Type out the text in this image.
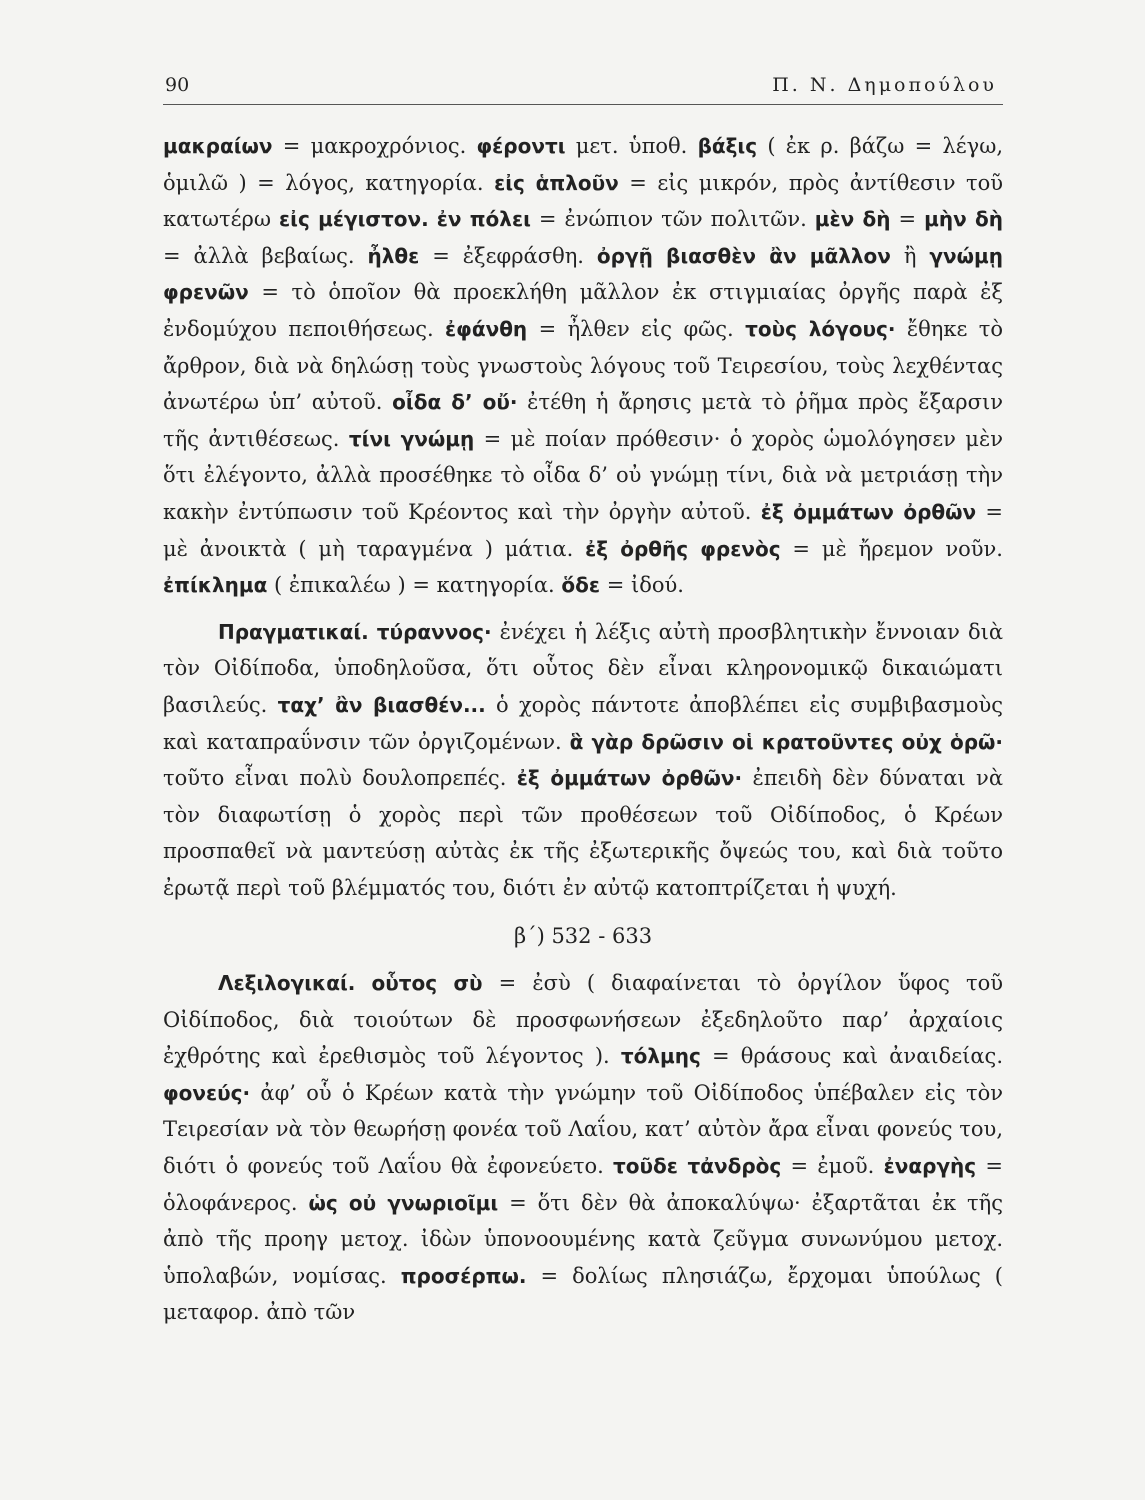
90	Π. Ν. Δημοπούλου

μακραίων = μακροχρόνιος. φέροντι μετ. ὑποθ. βάξις ( ἐκ ρ. βάζω = λέγω, ὁμιλῶ ) = λόγος, κατηγορία. εἰς ἁπλοῦν = εἰς μικρόν, πρὸς ἀντίθεσιν τοῦ κατωτέρω εἰς μέγιστον. ἐν πόλει = ἐνώπιον τῶν πολιτῶν. μὲν δὴ = μὴν δὴ = ἀλλὰ βεβαίως. ἦλθε = ἐξεφράσθη. ὀργῇ βιασθὲν ἂν μᾶλλον ἢ γνώμῃ φρενῶν = τὸ ὁποῖον θὰ προεκλήθη μᾶλλον ἐκ στιγμιαίας ὀργῆς παρὰ ἐξ ἐνδομύχου πεποιθήσεως. ἐφάνθη = ἦλθεν εἰς φῶς. τοὺς λόγους· ἔθηκε τὸ ἄρθρον, διὰ νὰ δηλώσῃ τοὺς γνωστοὺς λόγους τοῦ Τειρεσίου, τοὺς λεχθέντας ἀνωτέρω ὑπ’ αὐτοῦ. οἶδα δ’ οὔ· ἐτέθη ἡ ἄρησις μετὰ τὸ ῥῆμα πρὸς ἔξαρσιν τῆς ἀντιθέσεως. τίνι γνώμῃ = μὲ ποίαν πρόθεσιν· ὁ χορὸς ὡμολόγησεν μὲν ὅτι ἐλέγοντο, ἀλλὰ προσέθηκε τὸ οἶδα δ’ οὐ γνώμῃ τίνι, διὰ νὰ μετριάσῃ τὴν κακὴν ἐντύπωσιν τοῦ Κρέοντος καὶ τὴν ὀργὴν αὐτοῦ. ἐξ ὀμμάτων ὀρθῶν = μὲ ἀνοικτὰ ( μὴ ταραγμένα ) μάτια. ἐξ ὀρθῆς φρενὸς = μὲ ἤρεμον νοῦν. ἐπίκλημα ( ἐπικαλέω ) = κατηγορία. ὅδε = ἰδού.

Πραγματικαί. τύραννος· ἐνέχει ἡ λέξις αὐτὴ προσβλητικὴν ἔννοιαν διὰ τὸν Οἰδίποδα, ὑποδηλοῦσα, ὅτι οὗτος δὲν εἶναι κληρονομικῷ δικαιώματι βασιλεύς. ταχ’ ἂν βιασθέν... ὁ χορὸς πάντοτε ἀποβλέπει εἰς συμβιβασμοὺς καὶ καταπραΰνσιν τῶν ὀργιζομένων. ἃ γὰρ δρῶσιν οἱ κρατοῦντες οὐχ ὁρῶ· τοῦτο εἶναι πολὺ δουλοπρεπές. ἐξ ὀμμάτων ὀρθῶν· ἐπειδὴ δὲν δύναται νὰ τὸν διαφωτίσῃ ὁ χορὸς περὶ τῶν προθέσεων τοῦ Οἰδίποδος, ὁ Κρέων προσπαθεῖ νὰ μαντεύσῃ αὐτὰς ἐκ τῆς ἐξωτερικῆς ὄψεώς του, καὶ διὰ τοῦτο ἐρωτᾷ περὶ τοῦ βλέμματός του, διότι ἐν αὐτῷ κατοπτρίζεται ἡ ψυχή.

β΄) 532 - 633

Λεξιλογικαί. οὗτος σὺ = ἐσὺ ( διαφαίνεται τὸ ὀργίλον ὕφος τοῦ Οἰδίποδος, διὰ τοιούτων δὲ προσφωνήσεων ἐξεδηλοῦτο παρ’ ἀρχαίοις ἐχθρότης καὶ ἐρεθισμὸς τοῦ λέγοντος ). τόλμης = θράσους καὶ ἀναιδείας. φονεύς· ἀφ’ οὗ ὁ Κρέων κατὰ τὴν γνώμην τοῦ Οἰδίποδος ὑπέβαλεν εἰς τὸν Τειρεσίαν νὰ τὸν θεωρήσῃ φονέα τοῦ Λαΐου, κατ’ αὐτὸν ἄρα εἶναι φονεύς του, διότι ὁ φονεύς τοῦ Λαΐου θὰ ἐφονεύετο. τοῦδε τἀνδρὸς = ἐμοῦ. ἐναργὴς = ὁλοφάνερος. ὡς οὐ γνωριοῖμι = ὅτι δὲν θὰ ἀποκαλύψω· ἐξαρτᾶται ἐκ τῆς ἀπὸ τῆς προηγ μετοχ. ἰδὼν ὑπονοουμένης κατὰ ζεῦγμα συνωνύμου μετοχ. ὑπολαβών, νομίσας. προσέρπω. = δολίως πλησιάζω, ἔρχομαι ὑπούλως ( μεταφορ. ἀπὸ τῶν
